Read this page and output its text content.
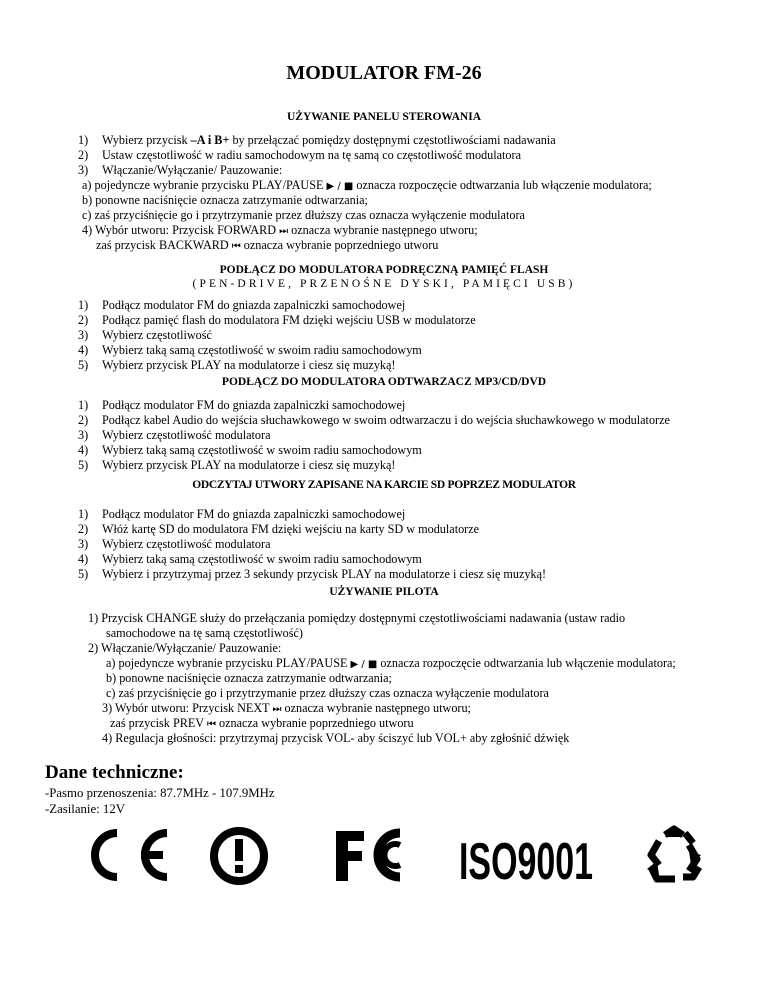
MODULATOR FM-26
UŻYWANIE PANELU STEROWANIA
1) Wybierz przycisk –A i B+ by przełączać pomiędzy dostępnymi częstotliwościami nadawania
2) Ustaw częstotliwość w radiu samochodowym na tę samą co częstotliwość modulatora
3) Włączanie/Wyłączanie/ Pauzowanie:
a) pojedyncze wybranie przycisku PLAY/PAUSE ▶ / ■ oznacza rozpoczęcie odtwarzania lub włączenie modulatora;
b) ponowne naciśnięcie oznacza zatrzymanie odtwarzania;
c) zaś przyciśnięcie go i przytrzymanie przez dłuższy czas oznacza wyłączenie modulatora
4) Wybór utworu: Przycisk FORWARD ⏭ oznacza wybranie następnego utworu;
zaś przycisk BACKWARD ⏮ oznacza wybranie poprzedniego utworu
PODŁĄCZ DO MODULATORA PODRĘCZNĄ PAMIĘĆ FLASH
(PEN-DRIVE, PRZENOŚNE DYSKI, PAMIĘCI USB)
1) Podłącz modulator FM do gniazda zapalniczki samochodowej
2) Podłącz pamięć flash do modulatora FM dzięki wejściu USB w modulatorze
3) Wybierz częstotliwość
4) Wybierz taką samą częstotliwość w swoim radiu samochodowym
5) Wybierz przycisk PLAY na modulatorze i ciesz się muzyką!
PODŁĄCZ DO MODULATORA ODTWARZACZ MP3/CD/DVD
1) Podłącz modulator FM do gniazda zapalniczki samochodowej
2) Podłącz kabel Audio do wejścia słuchawkowego w swoim odtwarzaczu i do wejścia słuchawkowego w modulatorze
3) Wybierz częstotliwość modulatora
4) Wybierz taką samą częstotliwość w swoim radiu samochodowym
5) Wybierz przycisk PLAY na modulatorze i ciesz się muzyką!
ODCZYTAJ UTWORY ZAPISANE NA KARCIE SD POPRZEZ MODULATOR
1) Podłącz modulator FM do gniazda zapalniczki samochodowej
2) Włóż kartę SD do modulatora FM dzięki wejściu na karty SD w modulatorze
3) Wybierz częstotliwość modulatora
4) Wybierz taką samą częstotliwość w swoim radiu samochodowym
5) Wybierz i przytrzymaj przez 3 sekundy przycisk PLAY na modulatorze i ciesz się muzyką!
UŻYWANIE PILOTA
1) Przycisk CHANGE służy do przełączania pomiędzy dostępnymi częstotliwościami nadawania (ustaw radio
samochodowe na tę samą częstotliwość)
2) Włączanie/Wyłączanie/ Pauzowanie:
a) pojedyncze wybranie przycisku PLAY/PAUSE ▶ / ■ oznacza rozpoczęcie odtwarzania lub włączenie modulatora;
b) ponowne naciśnięcie oznacza zatrzymanie odtwarzania;
c) zaś przyciśnięcie go i przytrzymanie przez dłuższy czas oznacza wyłączenie modulatora
3) Wybór utworu: Przycisk NEXT ⏭ oznacza wybranie następnego utworu;
zaś przycisk PREV ⏮ oznacza wybranie poprzedniego utworu
4) Regulacja głośności: przytrzymaj przycisk VOL- aby ściszyć lub VOL+ aby zgłośnić dźwięk
Dane techniczne:
-Pasmo przenoszenia: 87.7MHz - 107.9MHz
-Zasilanie: 12V
ISO9001
